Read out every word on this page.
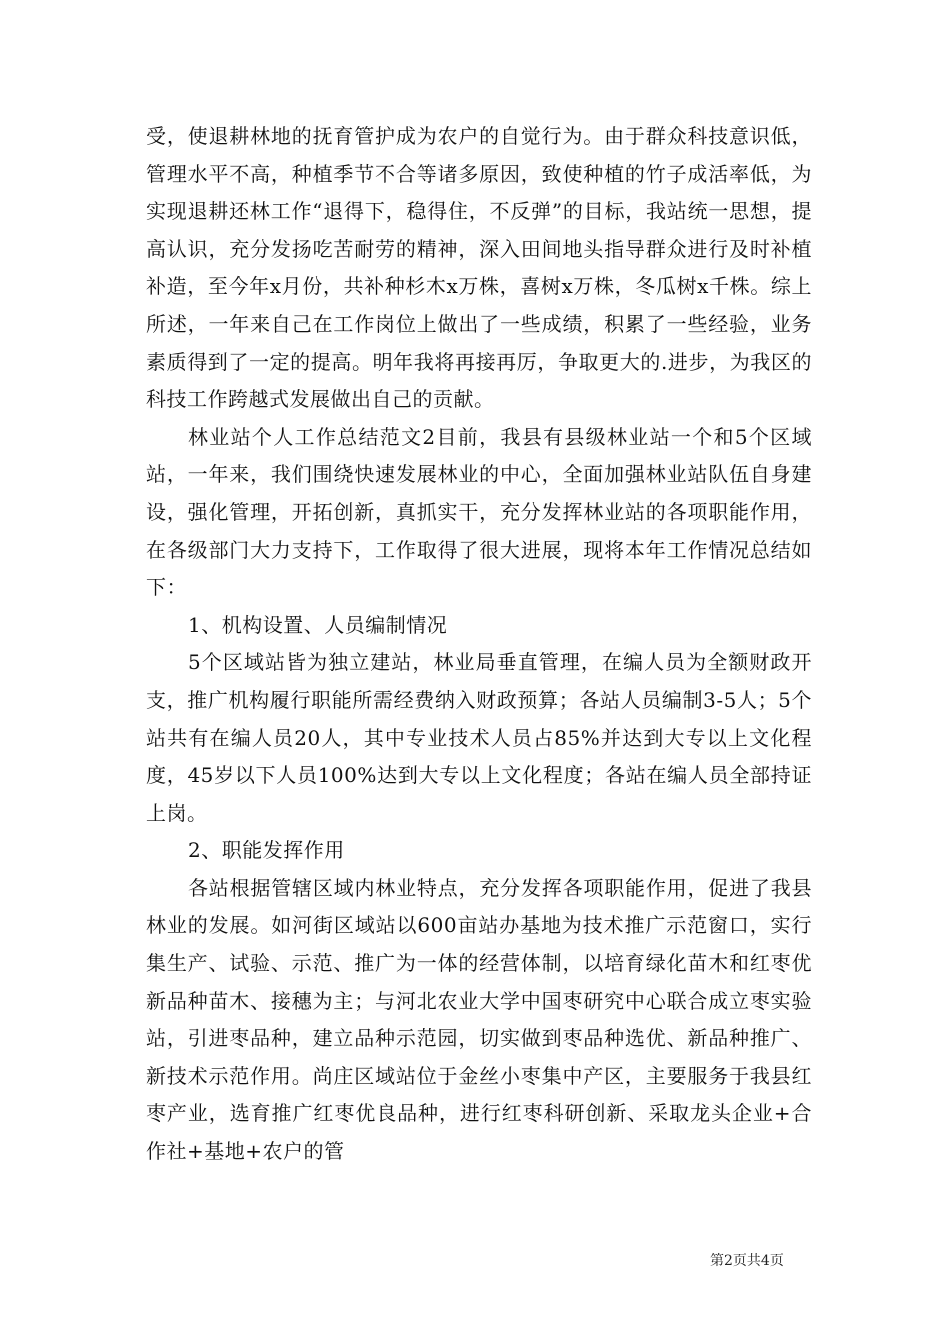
受，使退耕林地的抚育管护成为农户的自觉行为。由于群众科技意识低，管理水平不高，种植季节不合等诸多原因，致使种植的竹子成活率低，为实现退耕还林工作“退得下，稳得住，不反弹”的目标，我站统一思想，提高认识，充分发扬吃苦耐劳的精神，深入田间地头指导群众进行及时补植补造，至今年x月份，共补种杉木x万株，喜树x万株，冬瓜树x千株。综上所述，一年来自己在工作岗位上做出了一些成绩，积累了一些经验，业务素质得到了一定的提高。明年我将再接再厉，争取更大的.进步，为我区的科技工作跨越式发展做出自己的贡献。

林业站个人工作总结范文2目前，我县有县级林业站一个和5个区域站，一年来，我们围绕快速发展林业的中心，全面加强林业站队伍自身建设，强化管理，开拓创新，真抓实干，充分发挥林业站的各项职能作用，在各级部门大力支持下，工作取得了很大进展，现将本年工作情况总结如下：

1、机构设置、人员编制情况

5个区域站皆为独立建站，林业局垂直管理，在编人员为全额财政开支，推广机构履行职能所需经费纳入财政预算；各站人员编制3-5人；5个站共有在编人员20人，其中专业技术人员占85%并达到大专以上文化程度，45岁以下人员100%达到大专以上文化程度；各站在编人员全部持证上岗。

2、职能发挥作用

各站根据管辖区域内林业特点，充分发挥各项职能作用，促进了我县林业的发展。如河街区域站以600亩站办基地为技术推广示范窗口，实行集生产、试验、示范、推广为一体的经营体制，以培育绿化苗木和红枣优新品种苗木、接穗为主；与河北农业大学中国枣研究中心联合成立枣实验站，引进枣品种，建立品种示范园，切实做到枣品种选优、新品种推广、新技术示范作用。尚庄区域站位于金丝小枣集中产区，主要服务于我县红枣产业，选育推广红枣优良品种，进行红枣科研创新、采取龙头企业+合作社+基地+农户的管

第2页共4页
